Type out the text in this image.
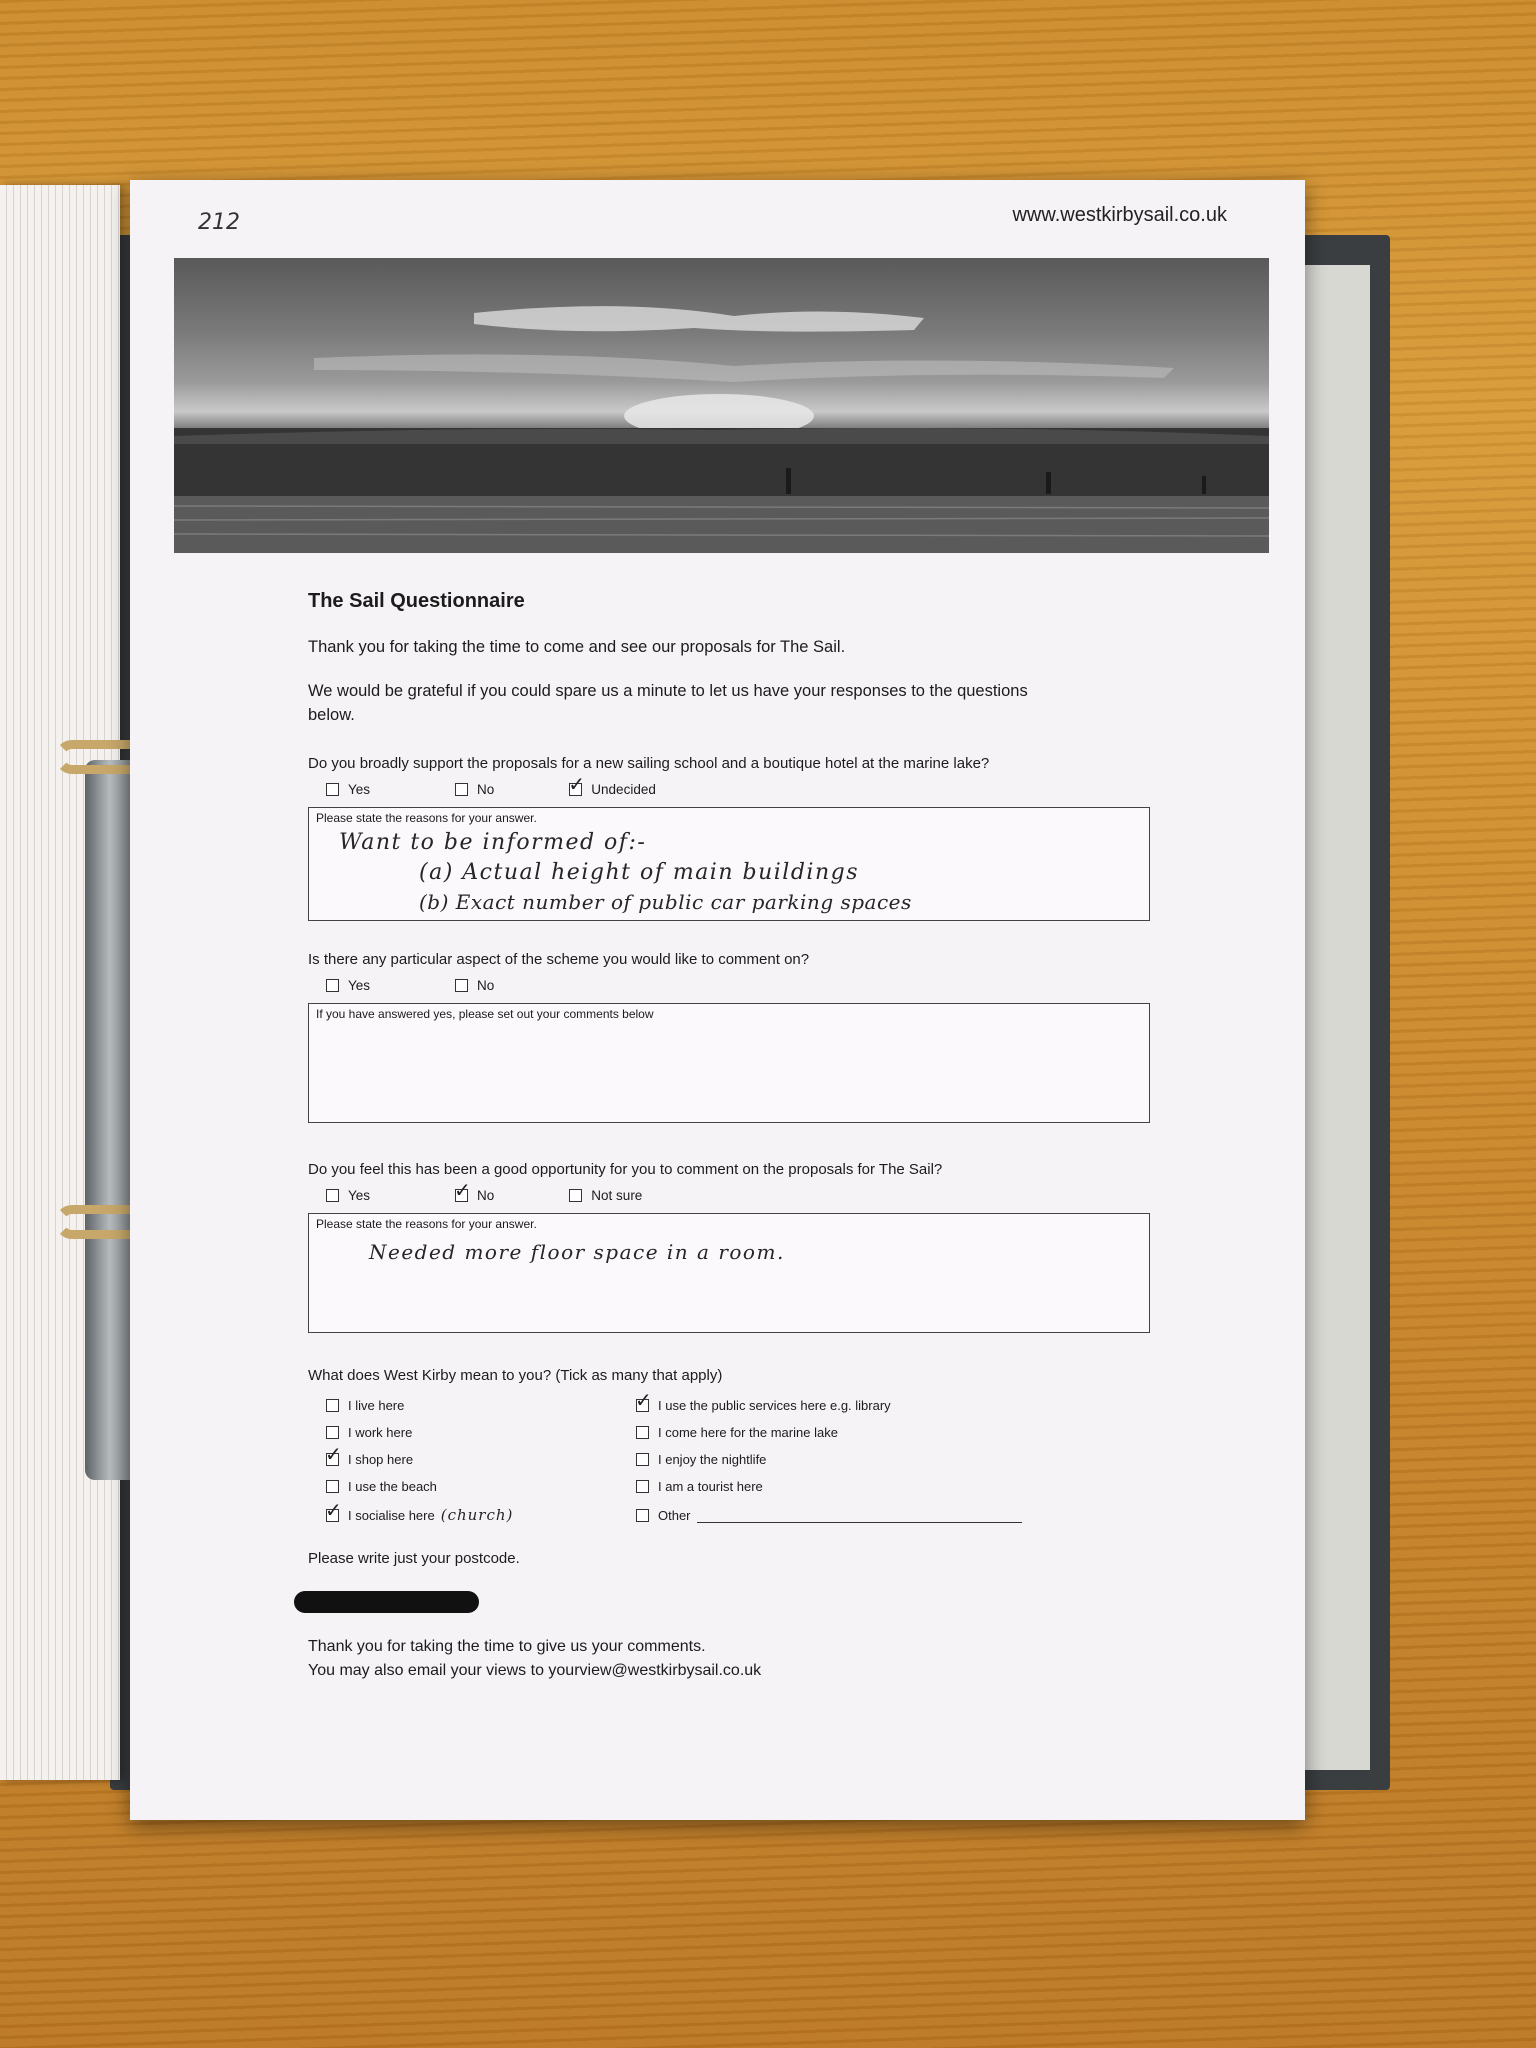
212	www.westkirbysail.co.uk
The Sail Questionnaire
Thank you for taking the time to come and see our proposals for The Sail.
We would be grateful if you could spare us a minute to let us have your responses to the questions below.
Do you broadly support the proposals for a new sailing school and a boutique hotel at the marine lake?
Yes	No	✓ Undecided
Please state the reasons for your answer.
Want to be informed of:-
(a) Actual height of main buildings
(b) Exact number of public car parking spaces
Is there any particular aspect of the scheme you would like to comment on?
Yes	No
If you have answered yes, please set out your comments below
Do you feel this has been a good opportunity for you to comment on the proposals for The Sail?
Yes	✓ No	Not sure
Please state the reasons for your answer.
Needed more floor space in a room.
What does West Kirby mean to you? (Tick as many that apply)
I live here	✓ I use the public services here e.g. library
I work here	I come here for the marine lake
✓ I shop here	I enjoy the nightlife
I use the beach	I am a tourist here
✓ I socialise here (church)	Other
Please write just your postcode.
Thank you for taking the time to give us your comments.
You may also email your views to yourview@westkirbysail.co.uk
